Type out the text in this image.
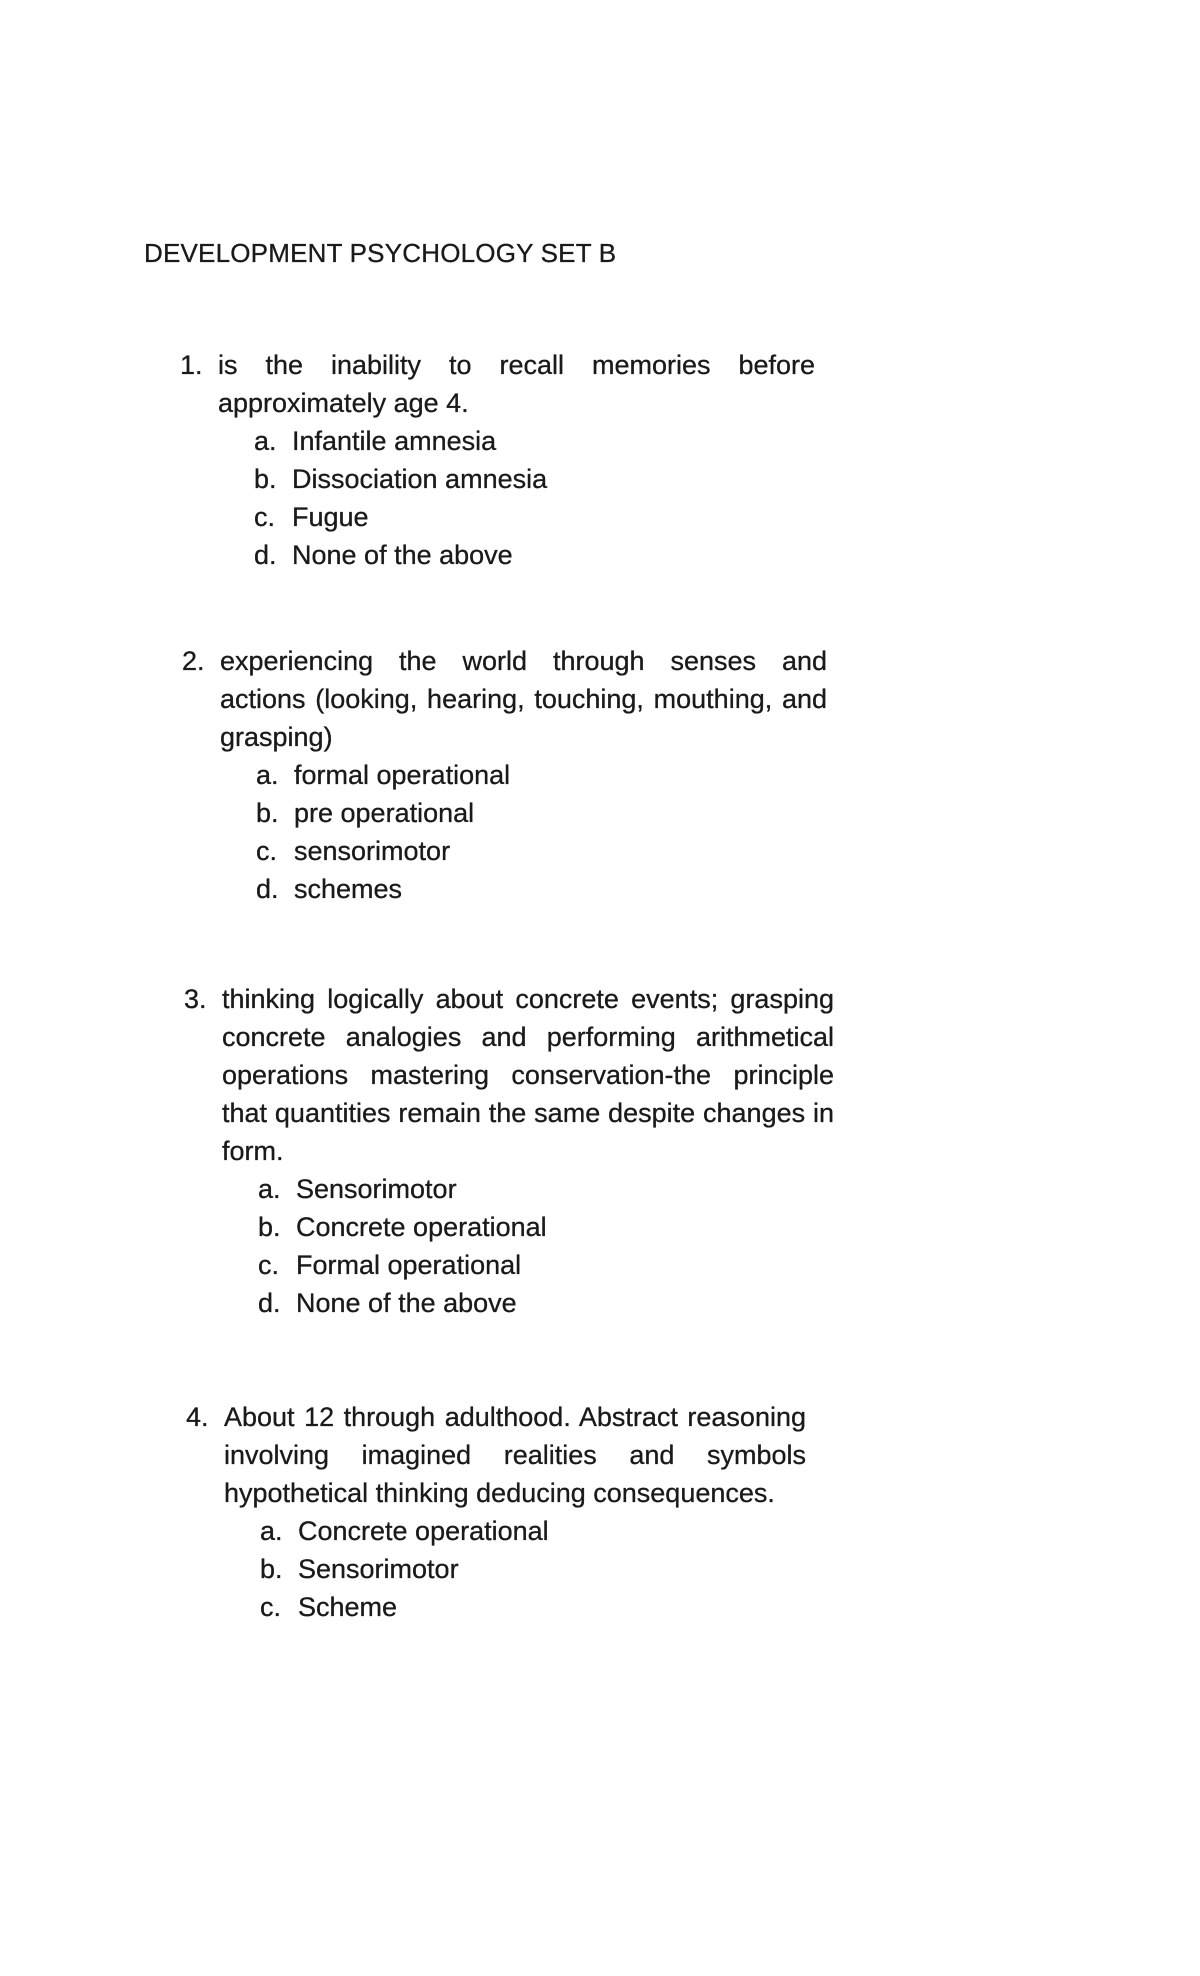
DEVELOPMENT PSYCHOLOGY SET B
1. is the inability to recall memories before approximately age 4.
a. Infantile amnesia
b. Dissociation amnesia
c. Fugue
d. None of the above
2. experiencing the world through senses and actions (looking, hearing, touching, mouthing, and grasping)
a. formal operational
b. pre operational
c. sensorimotor
d. schemes
3. thinking logically about concrete events; grasping concrete analogies and performing arithmetical operations mastering conservation-the principle that quantities remain the same despite changes in form.
a. Sensorimotor
b. Concrete operational
c. Formal operational
d. None of the above
4. About 12 through adulthood. Abstract reasoning involving imagined realities and symbols hypothetical thinking deducing consequences.
a. Concrete operational
b. Sensorimotor
c. Scheme
